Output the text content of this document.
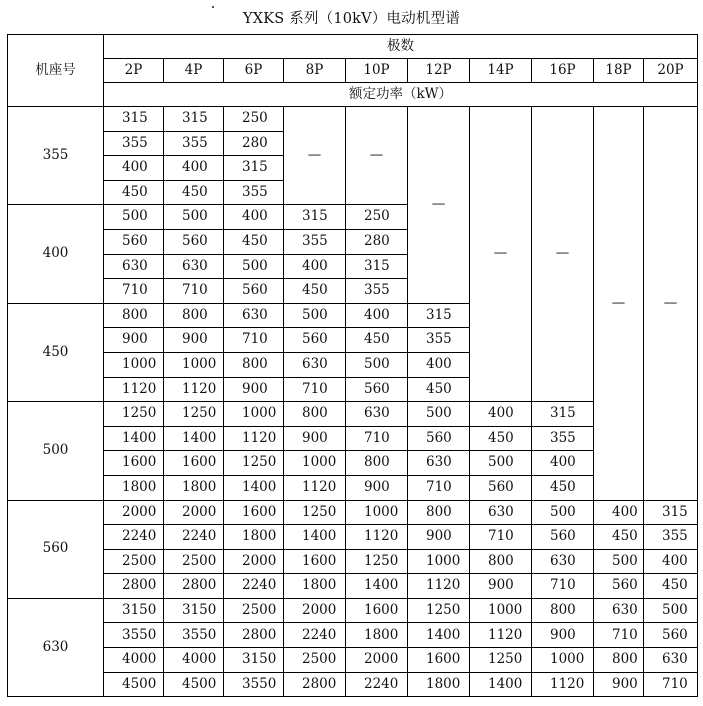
YXKS 系列（10kV）电动机型谱
机座号	极数									
	2P	4P	6P	8P	10P	12P	14P	16P	18P	20P
	额定功率（kW）									
355	315	315	250	—	—	—	—	—	—	—
	355	355	280							
	400	400	315							
	450	450	355							
400	500	500	400	315	250					
	560	560	450	355	280					
	630	630	500	400	315					
	710	710	560	450	355					
450	800	800	630	500	400	315				
	900	900	710	560	450	355				
	1000	1000	800	630	500	400				
	1120	1120	900	710	560	450				
500	1250	1250	1000	800	630	500	400	315		
	1400	1400	1120	900	710	560	450	355		
	1600	1600	1250	1000	800	630	500	400		
	1800	1800	1400	1120	900	710	560	450		
560	2000	2000	1600	1250	1000	800	630	500	400	315
	2240	2240	1800	1400	1120	900	710	560	450	355
	2500	2500	2000	1600	1250	1000	800	630	500	400
	2800	2800	2240	1800	1400	1120	900	710	560	450
630	3150	3150	2500	2000	1600	1250	1000	800	630	500
	3550	3550	2800	2240	1800	1400	1120	900	710	560
	4000	4000	3150	2500	2000	1600	1250	1000	800	630
	4500	4500	3550	2800	2240	1800	1400	1120	900	710
